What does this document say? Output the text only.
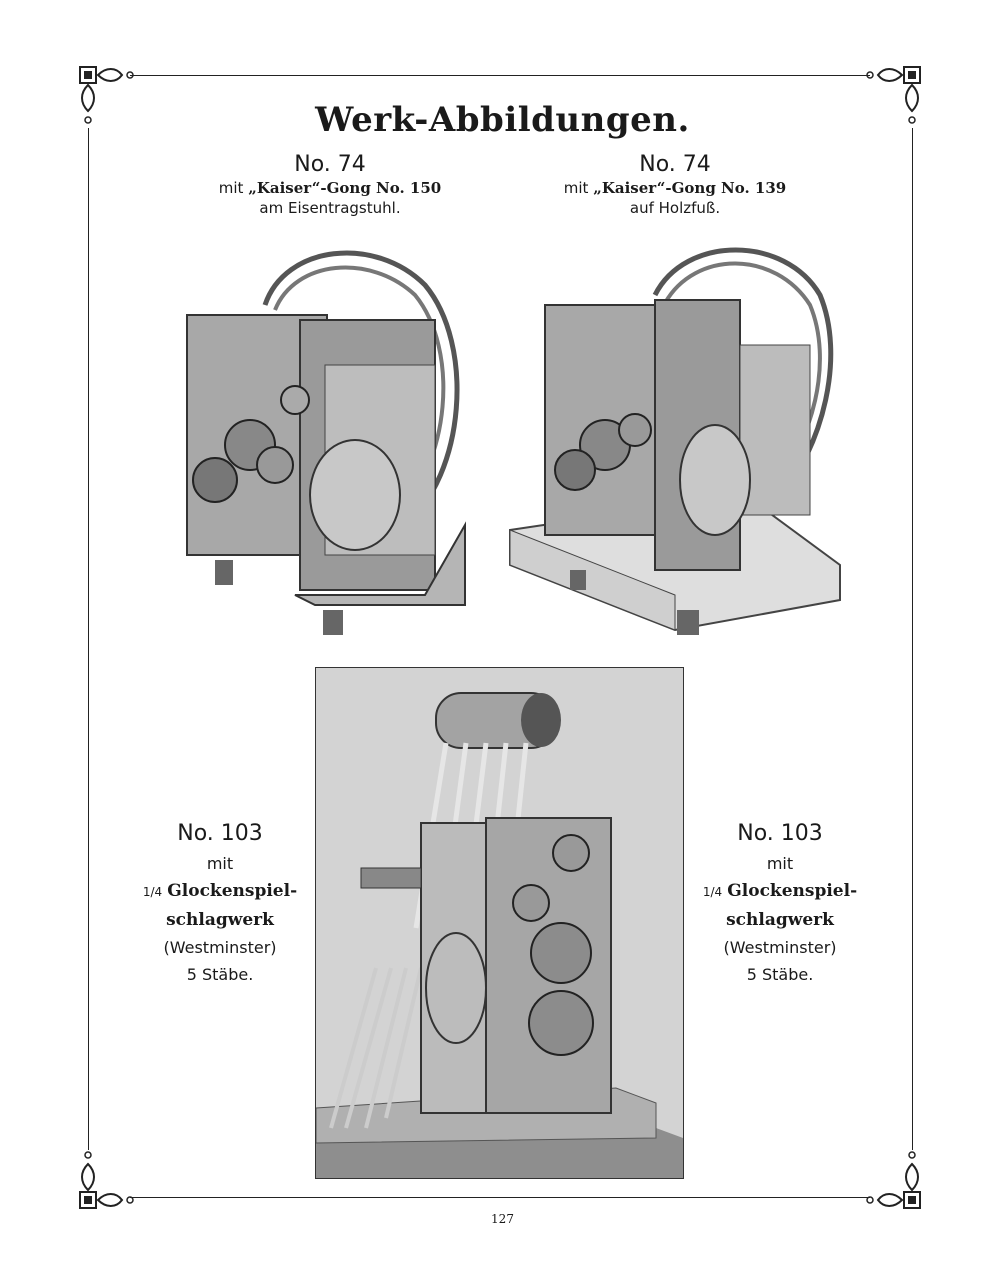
Werk-Abbildungen.
No. 74
mit „Kaiser“-Gong No. 150
am Eisentragstuhl.
No. 74
mit „Kaiser“-Gong No. 139
auf Holzfuß.
No. 103
mit
1/4 Glockenspiel-
schlagwerk
(Westminster)
5 Stäbe.
No. 103
mit
1/4 Glockenspiel-
schlagwerk
(Westminster)
5 Stäbe.
127
